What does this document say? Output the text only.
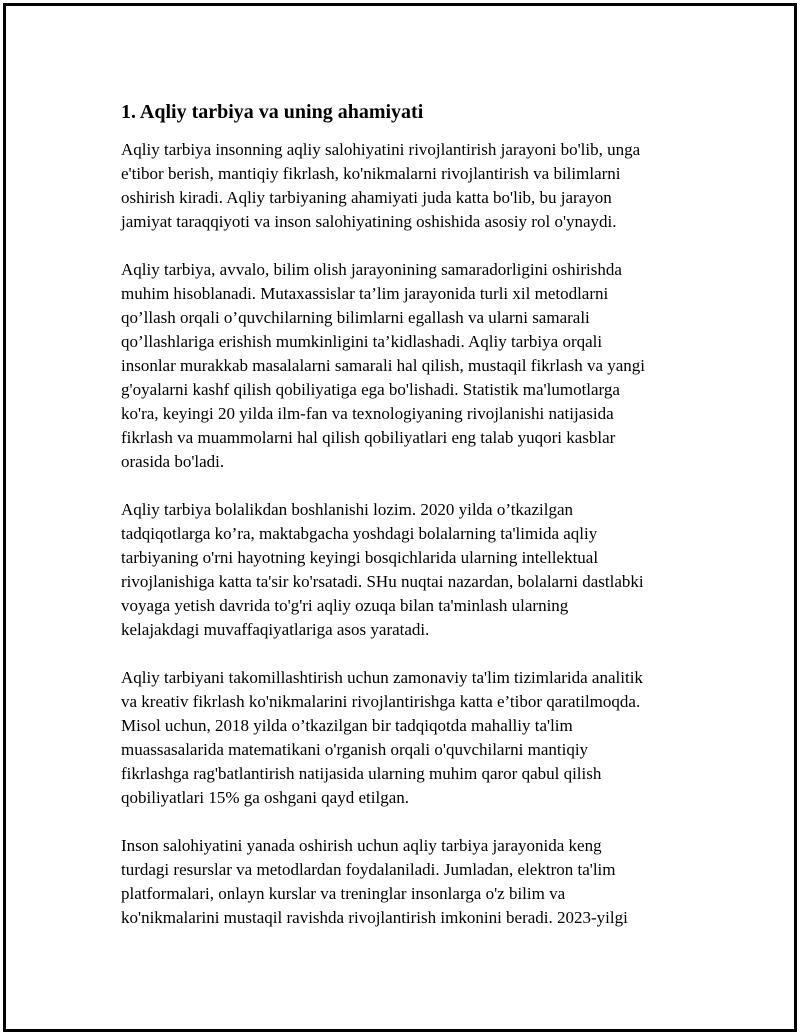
1. Aqliy tarbiya va uning ahamiyati

Aqliy tarbiya insonning aqliy salohiyatini rivojlantirish jarayoni bo'lib, unga
e'tibor berish, mantiqiy fikrlash, ko'nikmalarni rivojlantirish va bilimlarni
oshirish kiradi. Aqliy tarbiyaning ahamiyati juda katta bo'lib, bu jarayon
jamiyat taraqqiyoti va inson salohiyatining oshishida asosiy rol o'ynaydi.

Aqliy tarbiya, avvalo, bilim olish jarayonining samaradorligini oshirishda
muhim hisoblanadi. Mutaxassislar ta’lim jarayonida turli xil metodlarni
qo’llash orqali o’quvchilarning bilimlarni egallash va ularni samarali
qo’llashlariga erishish mumkinligini ta’kidlashadi. Aqliy tarbiya orqali
insonlar murakkab masalalarni samarali hal qilish, mustaqil fikrlash va yangi
g'oyalarni kashf qilish qobiliyatiga ega bo'lishadi. Statistik ma'lumotlarga
ko'ra, keyingi 20 yilda ilm-fan va texnologiyaning rivojlanishi natijasida
fikrlash va muammolarni hal qilish qobiliyatlari eng talab yuqori kasblar
orasida bo'ladi.

Aqliy tarbiya bolalikdan boshlanishi lozim. 2020 yilda o’tkazilgan
tadqiqotlarga ko’ra, maktabgacha yoshdagi bolalarning ta'limida aqliy
tarbiyaning o'rni hayotning keyingi bosqichlarida ularning intellektual
rivojlanishiga katta ta'sir ko'rsatadi. SHu nuqtai nazardan, bolalarni dastlabki
voyaga yetish davrida to'g'ri aqliy ozuqa bilan ta'minlash ularning
kelajakdagi muvaffaqiyatlariga asos yaratadi.

Aqliy tarbiyani takomillashtirish uchun zamonaviy ta'lim tizimlarida analitik
va kreativ fikrlash ko'nikmalarini rivojlantirishga katta e’tibor qaratilmoqda.
Misol uchun, 2018 yilda o’tkazilgan bir tadqiqotda mahalliy ta'lim
muassasalarida matematikani o'rganish orqali o'quvchilarni mantiqiy
fikrlashga rag'batlantirish natijasida ularning muhim qaror qabul qilish
qobiliyatlari 15% ga oshgani qayd etilgan.

Inson salohiyatini yanada oshirish uchun aqliy tarbiya jarayonida keng
turdagi resurslar va metodlardan foydalaniladi. Jumladan, elektron ta'lim
platformalari, onlayn kurslar va treninglar insonlarga o'z bilim va
ko'nikmalarini mustaqil ravishda rivojlantirish imkonini beradi. 2023-yilgi
